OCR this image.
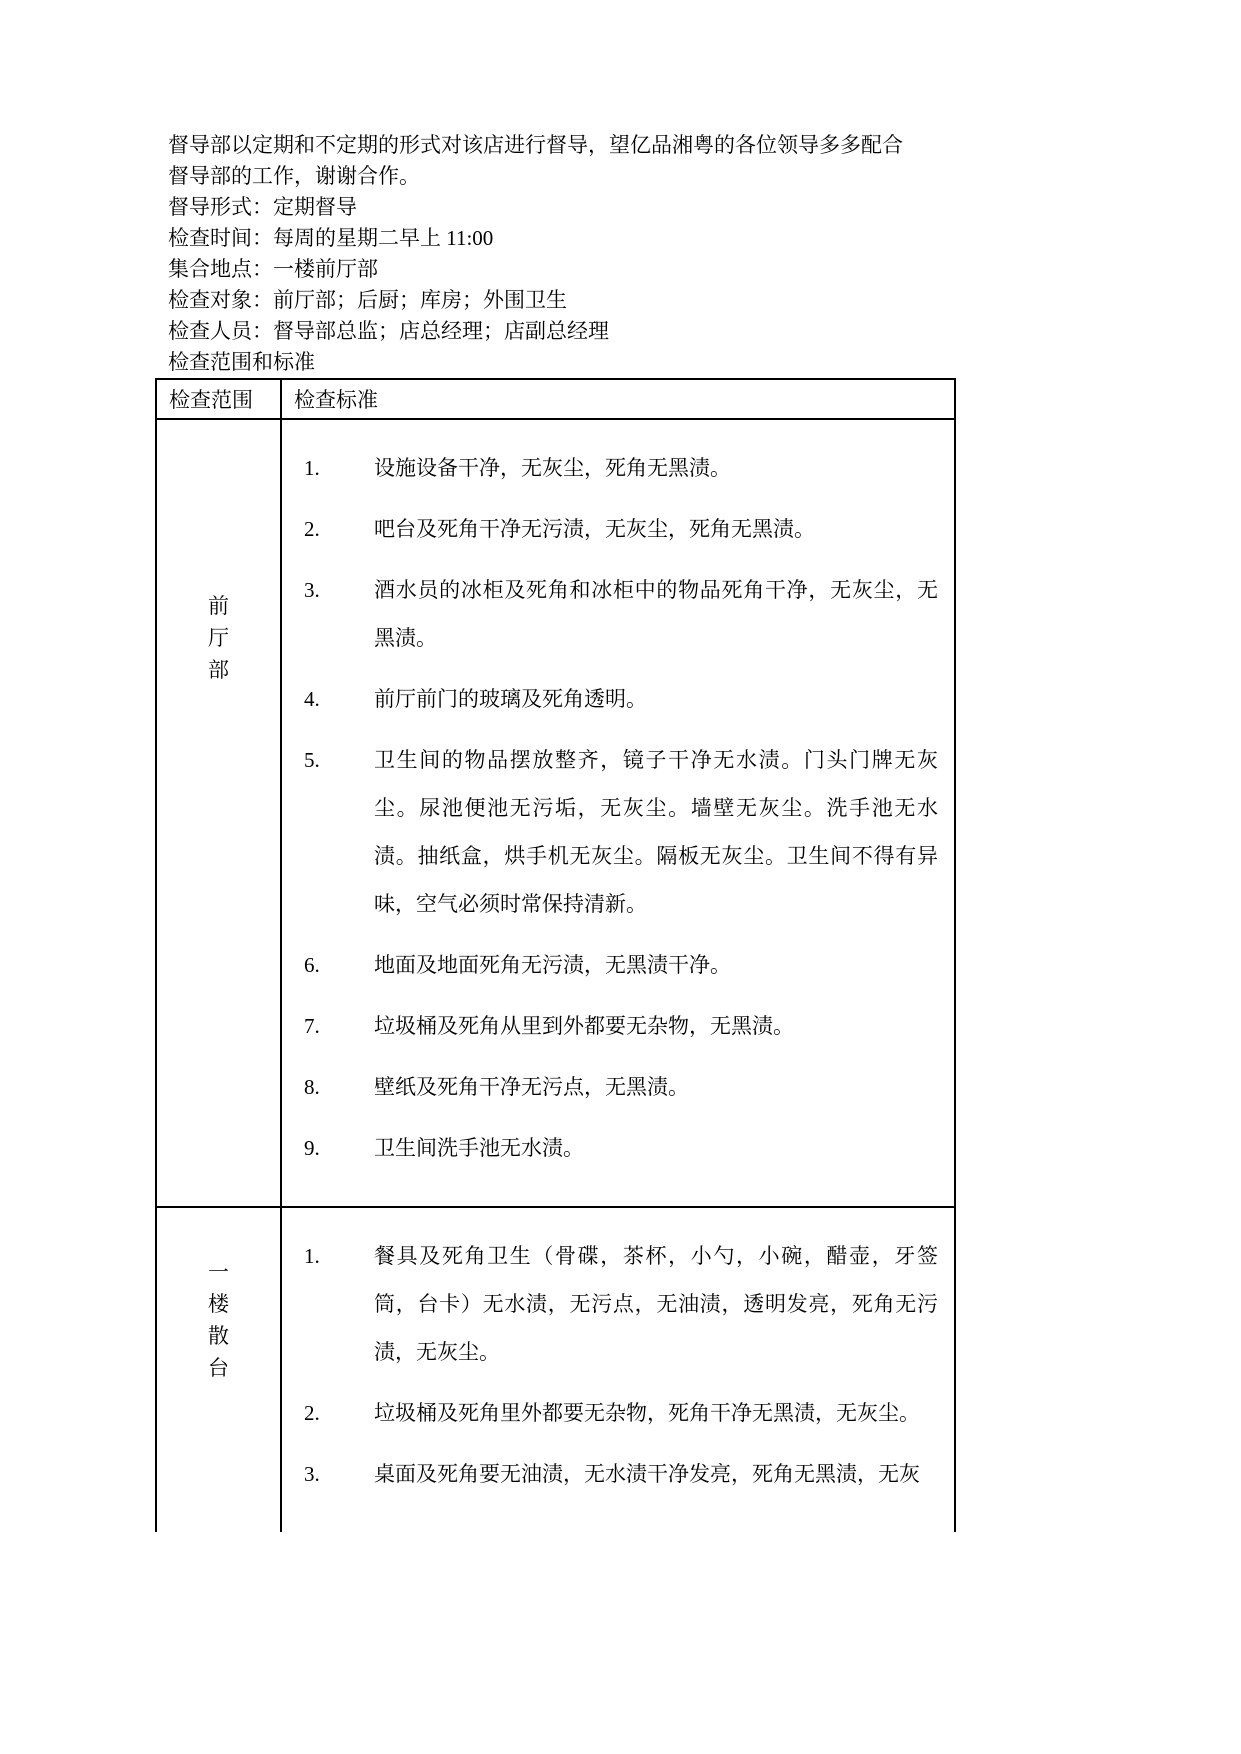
督导部以定期和不定期的形式对该店进行督导，望亿品湘粤的各位领导多多配合
督导部的工作，谢谢合作。
督导形式：定期督导
检查时间：每周的星期二早上 11:00
集合地点：一楼前厅部
检查对象：前厅部；后厨；库房；外围卫生
检查人员：督导部总监；店总经理；店副总经理
检查范围和标准
检查范围	检查标准

前厅部

1.	设施设备干净，无灰尘，死角无黑渍。
2.	吧台及死角干净无污渍，无灰尘，死角无黑渍。
3.	酒水员的冰柜及死角和冰柜中的物品死角干净，无灰尘，无黑渍。
4.	前厅前门的玻璃及死角透明。
5.	卫生间的物品摆放整齐，镜子干净无水渍。门头门牌无灰尘。尿池便池无污垢，无灰尘。墙壁无灰尘。洗手池无水渍。抽纸盒，烘手机无灰尘。隔板无灰尘。卫生间不得有异味，空气必须时常保持清新。
6.	地面及地面死角无污渍，无黑渍干净。
7.	垃圾桶及死角从里到外都要无杂物，无黑渍。
8.	壁纸及死角干净无污点，无黑渍。
9.	卫生间洗手池无水渍。

一楼散台

1.	餐具及死角卫生（骨碟，茶杯，小勺，小碗，醋壶，牙签筒，台卡）无水渍，无污点，无油渍，透明发亮，死角无污渍，无灰尘。
2.	垃圾桶及死角里外都要无杂物，死角干净无黑渍，无灰尘。
3.	桌面及死角要无油渍，无水渍干净发亮，死角无黑渍，无灰
